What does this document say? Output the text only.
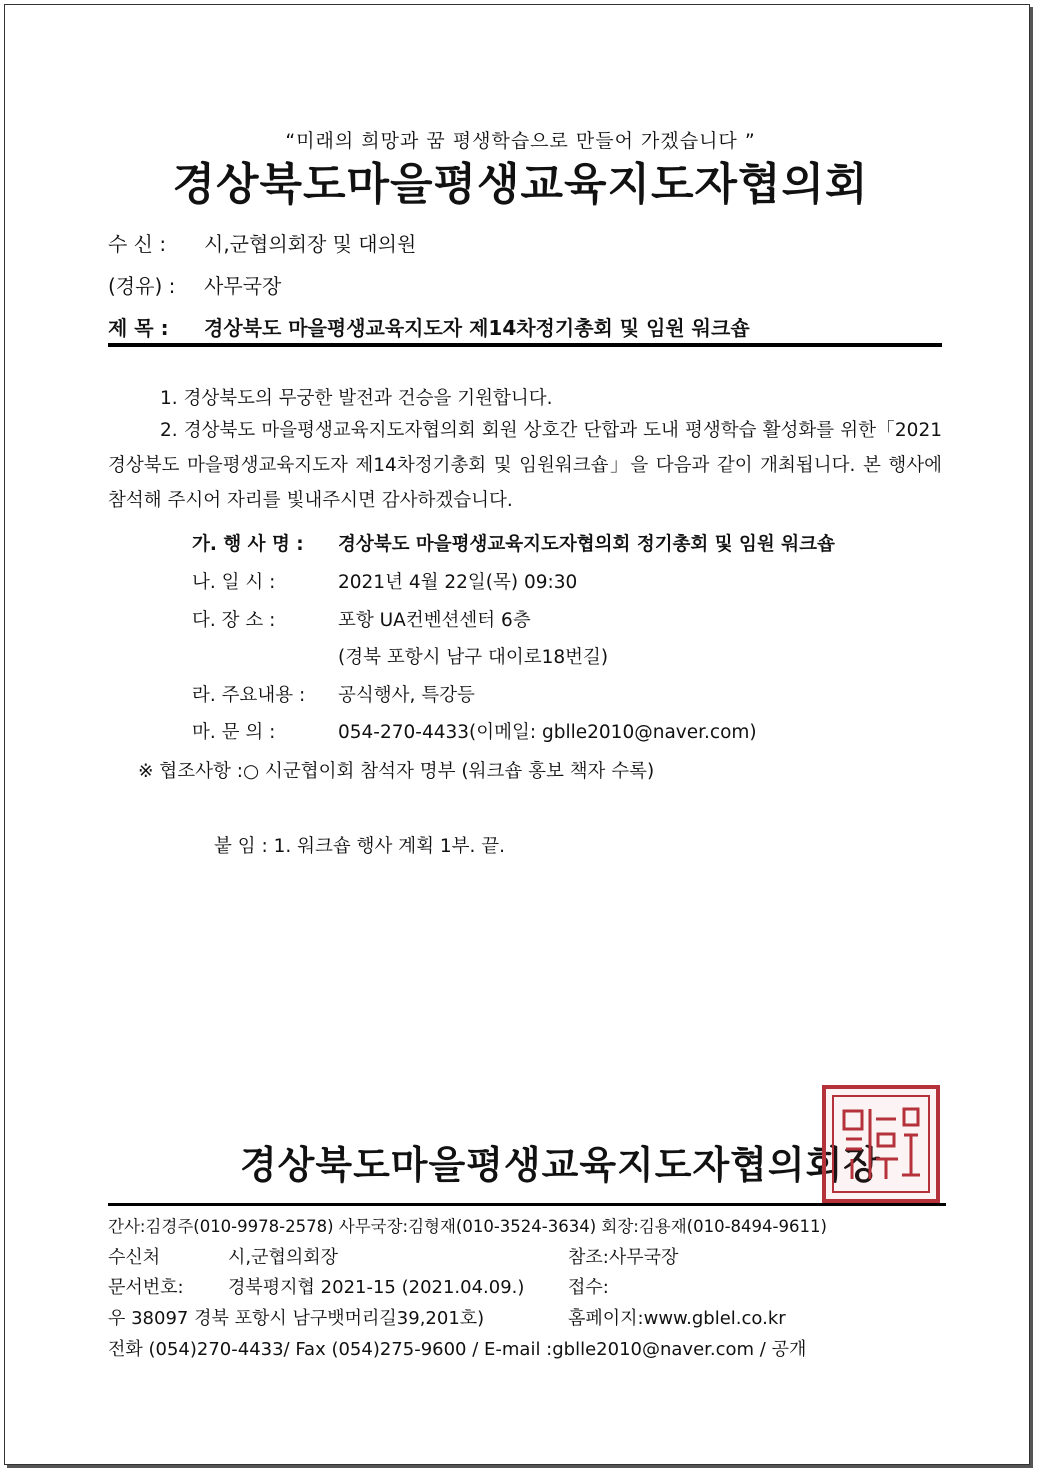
“미래의 희망과 꿈 평생학습으로 만들어 가겠습니다 ”
경상북도마을평생교육지도자협의회
수 신 : 시,군협의회장 및 대의원
(경유) : 사무국장
제 목 : 경상북도 마을평생교육지도자 제14차정기총회 및 임원 워크숍
1. 경상북도의 무궁한 발전과 건승을 기원합니다.
2. 경상북도 마을평생교육지도자협의회 회원 상호간 단합과 도내 평생학습 활성화를 위한「2021 경상북도 마을평생교육지도자 제14차정기총회 및 임원워크숍」을 다음과 같이 개최됩니다. 본 행사에 참석해 주시어 자리를 빛내주시면 감사하겠습니다.
가. 행 사 명 : 경상북도 마을평생교육지도자협의회 정기총회 및 임원 워크숍
나. 일 시 :	2021년 4월 22일(목) 09:30
다. 장 소 :	포항 UA컨벤션센터 6층
(경북 포항시 남구 대이로18번길)
라. 주요내용 : 공식행사, 특강등
마. 문 의 :	054-270-4433(이메일: gblle2010@naver.com)
※ 협조사항 :○ 시군협이회 참석자 명부 (워크숍 홍보 책자 수록)
붙 임 : 1. 워크숍 행사 계획 1부. 끝.
경상북도마을평생교육지도자협의회장
간사:김경주(010-9978-2578) 사무국장:김형재(010-3524-3634) 회장:김용재(010-8494-9611)
수신처	시,군협의회장	참조:사무국장
문서번호: 경북평지협 2021-15 (2021.04.09.) 접수:
우 38097 경북 포항시 남구뱃머리길39,201호)	홈페이지:www.gblel.co.kr
전화 (054)270-4433/ Fax (054)275-9600 / E-mail :gblle2010@naver.com / 공개
